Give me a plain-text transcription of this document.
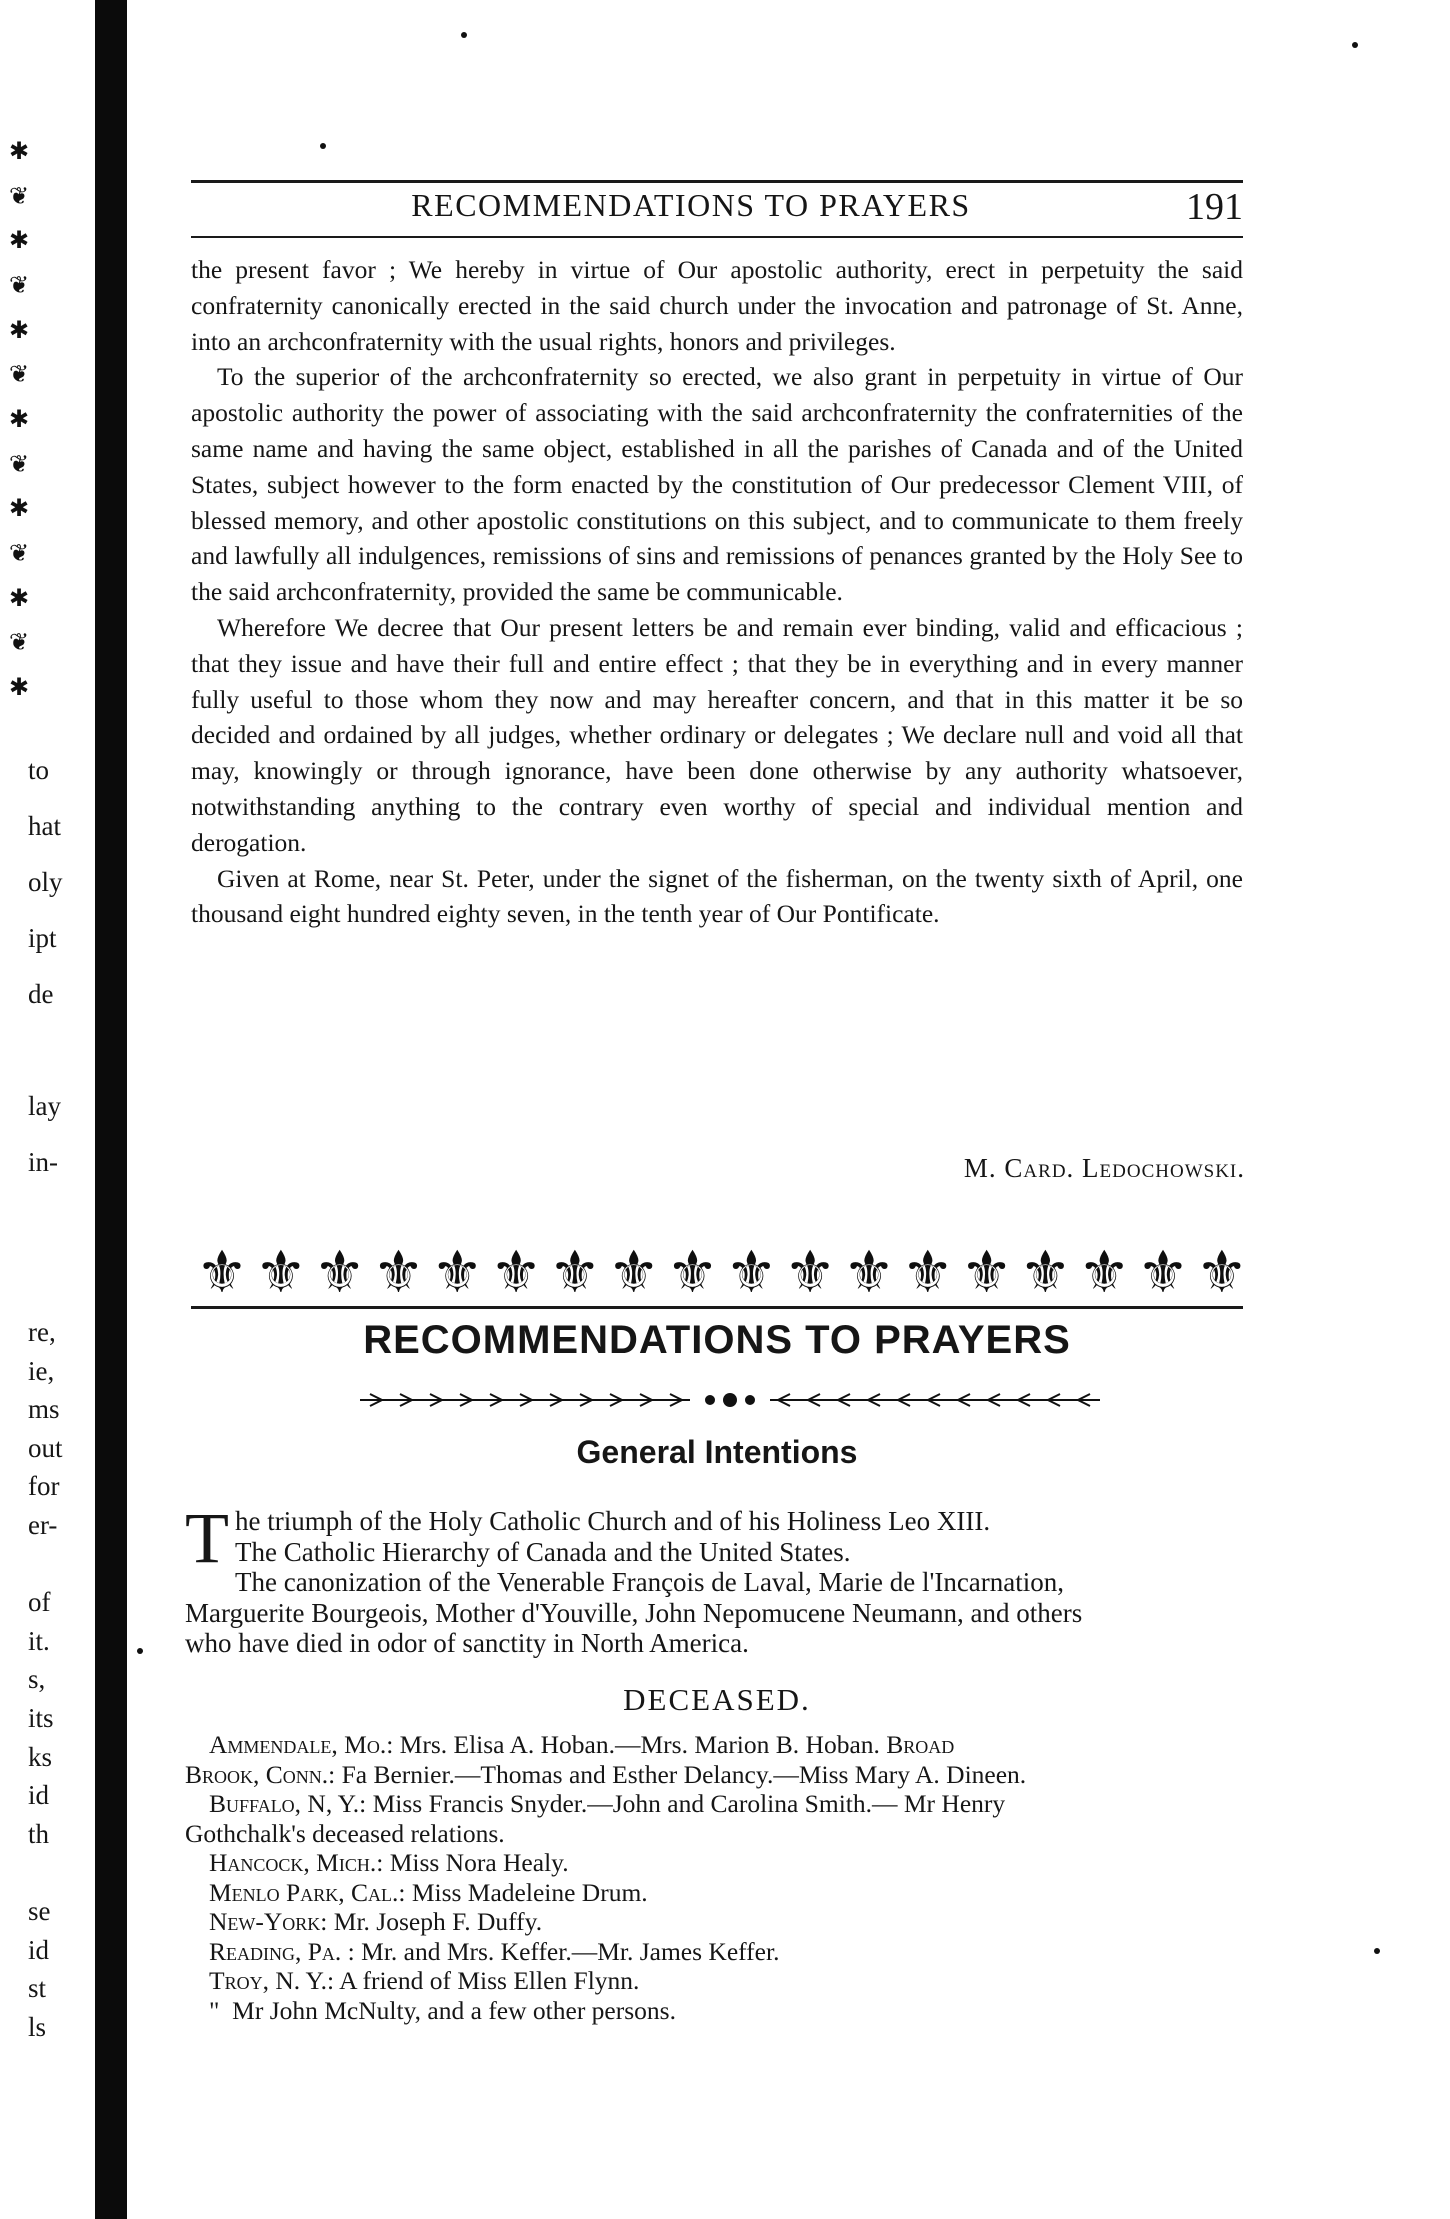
✱
❦
✱
❦
✱
❦
✱
❦
✱
❦
✱
❦
✱
to
hat
oly
ipt
de
lay
in-
re,
ie,
ms
out
for
er-
of
it.
s,
its
ks
id
th
se
id
st
ls
RECOMMENDATIONS TO PRAYERS	191

the present favor ; We hereby in virtue of Our apostolic authority, erect in perpetuity the said confraternity canonically erected in the said church under the invocation and patronage of St. Anne, into an archconfraternity with the usual rights, honors and privileges.

To the superior of the archconfraternity so erected, we also grant in perpetuity in virtue of Our apostolic authority the power of associating with the said archconfraternity the confraternities of the same name and having the same object, established in all the parishes of Canada and of the United States, subject however to the form enacted by the constitution of Our predecessor Clement VIII, of blessed memory, and other apostolic constitutions on this subject, and to communicate to them freely and lawfully all indulgences, remissions of sins and remissions of penances granted by the Holy See to the said archconfraternity, provided the same be communicable.

Wherefore We decree that Our present letters be and remain ever binding, valid and efficacious ; that they issue and have their full and entire effect ; that they be in everything and in every manner fully useful to those whom they now and may hereafter concern, and that in this matter it be so decided and ordained by all judges, whether ordinary or delegates ; We declare null and void all that may, knowingly or through ignorance, have been done otherwise by any authority whatsoever, notwithstanding anything to the contrary even worthy of special and individual mention and derogation.

Given at Rome, near St. Peter, under the signet of the fisherman, on the twenty sixth of April, one thousand eight hundred eighty seven, in the tenth year of Our Pontificate.

M. Card. Ledochowski.
⚜ ⚜ ⚜ ⚜ ⚜ ⚜ ⚜ ⚜ ⚜ ⚜ ⚜ ⚜ ⚜ ⚜ ⚜ ⚜ ⚜ ⚜
RECOMMENDATIONS TO PRAYERS
General Intentions
T he triumph of the Holy Catholic Church and of his Holiness Leo XIII.
The Catholic Hierarchy of Canada and the United States.
The canonization of the Venerable François de Laval, Marie de l'Incarnation,
Marguerite Bourgeois, Mother d'Youville, John Nepomucene Neumann, and others
who have died in odor of sanctity in North America.
DECEASED.
Ammendale, Mo.: Mrs. Elisa A. Hoban.—Mrs. Marion B. Hoban. Broad
Brook, Conn.: Fa Bernier.—Thomas and Esther Delancy.—Miss Mary A. Dineen.
Buffalo, N, Y.: Miss Francis Snyder.—John and Carolina Smith.— Mr Henry
Gothchalk's deceased relations.
Hancock, Mich.: Miss Nora Healy.
Menlo Park, Cal.: Miss Madeleine Drum.
New-York: Mr. Joseph F. Duffy.
Reading, Pa. : Mr. and Mrs. Keffer.—Mr. James Keffer.
Troy, N. Y.: A friend of Miss Ellen Flynn.
" Mr John McNulty, and a few other persons.
